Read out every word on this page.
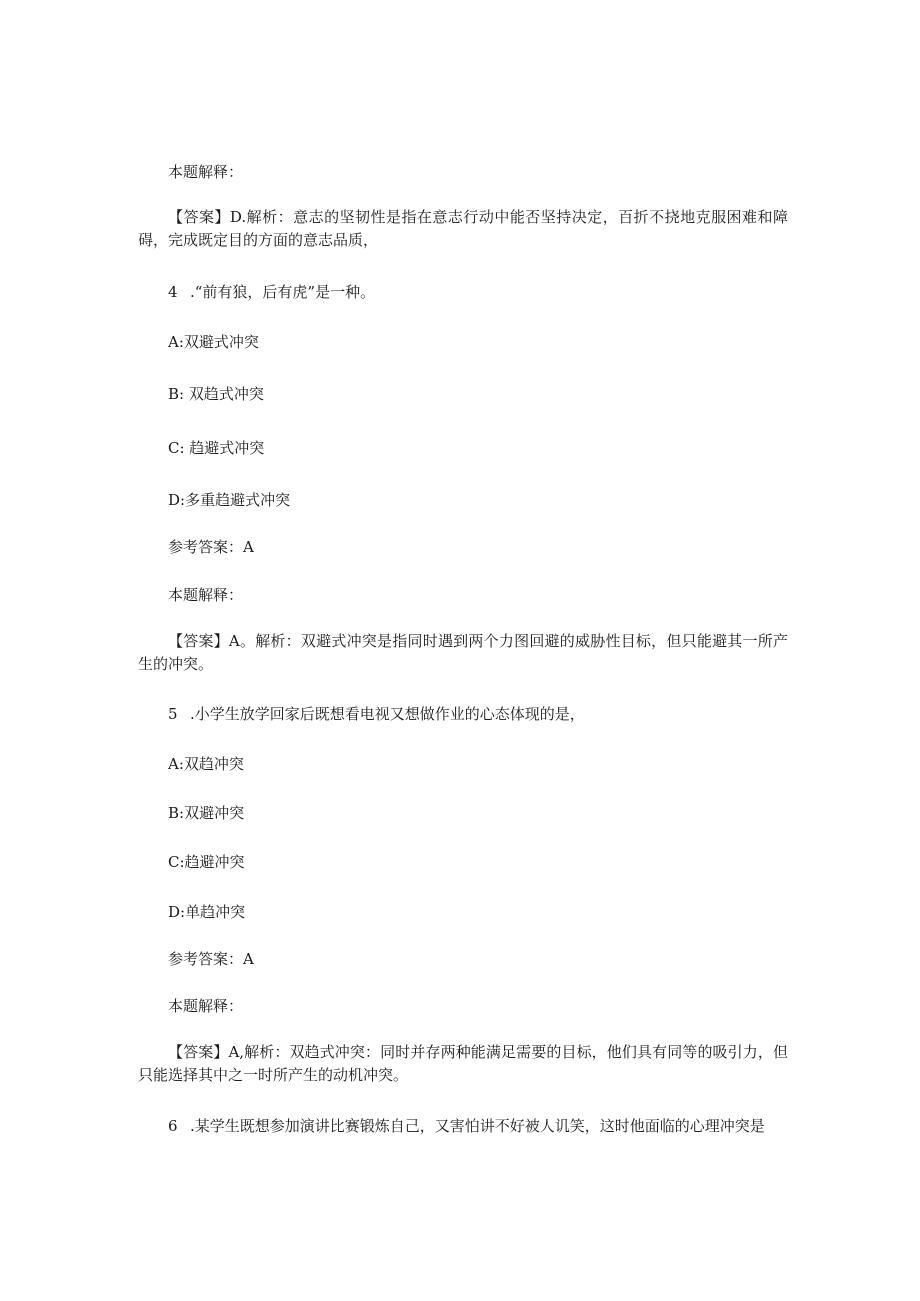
本题解释：
【答案】D.解析：意志的坚韧性是指在意志行动中能否坚持决定，百折不挠地克服困难和障碍，完成既定目的方面的意志品质，
4 .“前有狼，后有虎”是一种。
A:双避式冲突
B: 双趋式冲突
C: 趋避式冲突
D:多重趋避式冲突
参考答案：A
本题解释：
【答案】A。解析：双避式冲突是指同时遇到两个力图回避的威胁性目标，但只能避其一所产生的冲突。
5 .小学生放学回家后既想看电视又想做作业的心态体现的是，
A:双趋冲突
B:双避冲突
C:趋避冲突
D:单趋冲突
参考答案：A
本题解释：
【答案】A,解析：双趋式冲突：同时并存两种能满足需要的目标，他们具有同等的吸引力，但只能选择其中之一时所产生的动机冲突。
6 .某学生既想参加演讲比赛锻炼自己，又害怕讲不好被人讥笑，这时他面临的心理冲突是
